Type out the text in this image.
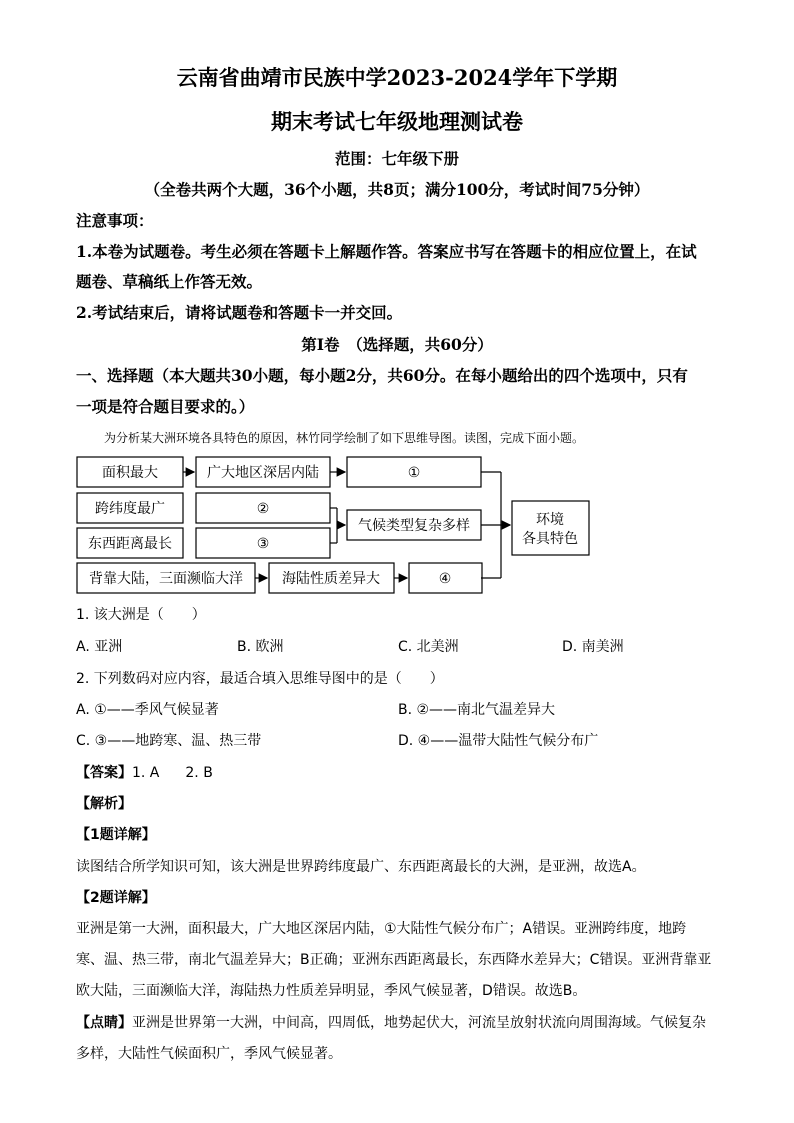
云南省曲靖市民族中学2023-2024学年下学期
期末考试七年级地理测试卷
范围：七年级下册
（全卷共两个大题，36个小题，共8页；满分100分，考试时间75分钟）
注意事项：
1.本卷为试题卷。考生必须在答题卡上解题作答。答案应书写在答题卡的相应位置上，在试
题卷、草稿纸上作答无效。
2.考试结束后，请将试题卷和答题卡一并交回。
第I卷　（选择题，共60分）
一、选择题（本大题共30小题，每小题2分，共60分。在每小题给出的四个选项中，只有
一项是符合题目要求的。）
为分析某大洲环境各具特色的原因，林竹同学绘制了如下思维导图。读图，完成下面小题。
面积最大
跨纬度最广
东西距离最长
背靠大陆，三面濒临大洋
广大地区深居内陆
②
③
①
气候类型复杂多样
海陆性质差异大	④
环境
各具特色
1. 该大洲是（　　）
A. 亚洲	B. 欧洲	C. 北美洲	D. 南美洲
2. 下列数码对应内容，最适合填入思维导图中的是（　　）
A. ①——季风气候显著	B. ②——南北气温差异大
C. ③——地跨寒、温、热三带	D. ④——温带大陆性气候分布广
【答案】1. A 2. B
【解析】
【1题详解】
读图结合所学知识可知，该大洲是世界跨纬度最广、东西距离最长的大洲，是亚洲，故选A。
【2题详解】
亚洲是第一大洲，面积最大，广大地区深居内陆，①大陆性气候分布广；A错误。亚洲跨纬度，地跨
寒、温、热三带，南北气温差异大；B正确；亚洲东西距离最长，东西降水差异大；C错误。亚洲背靠亚
欧大陆，三面濒临大洋，海陆热力性质差异明显，季风气候显著，D错误。故选B。
【点睛】亚洲是世界第一大洲，中间高，四周低，地势起伏大，河流呈放射状流向周围海域。气候复杂
多样，大陆性气候面积广，季风气候显著。
